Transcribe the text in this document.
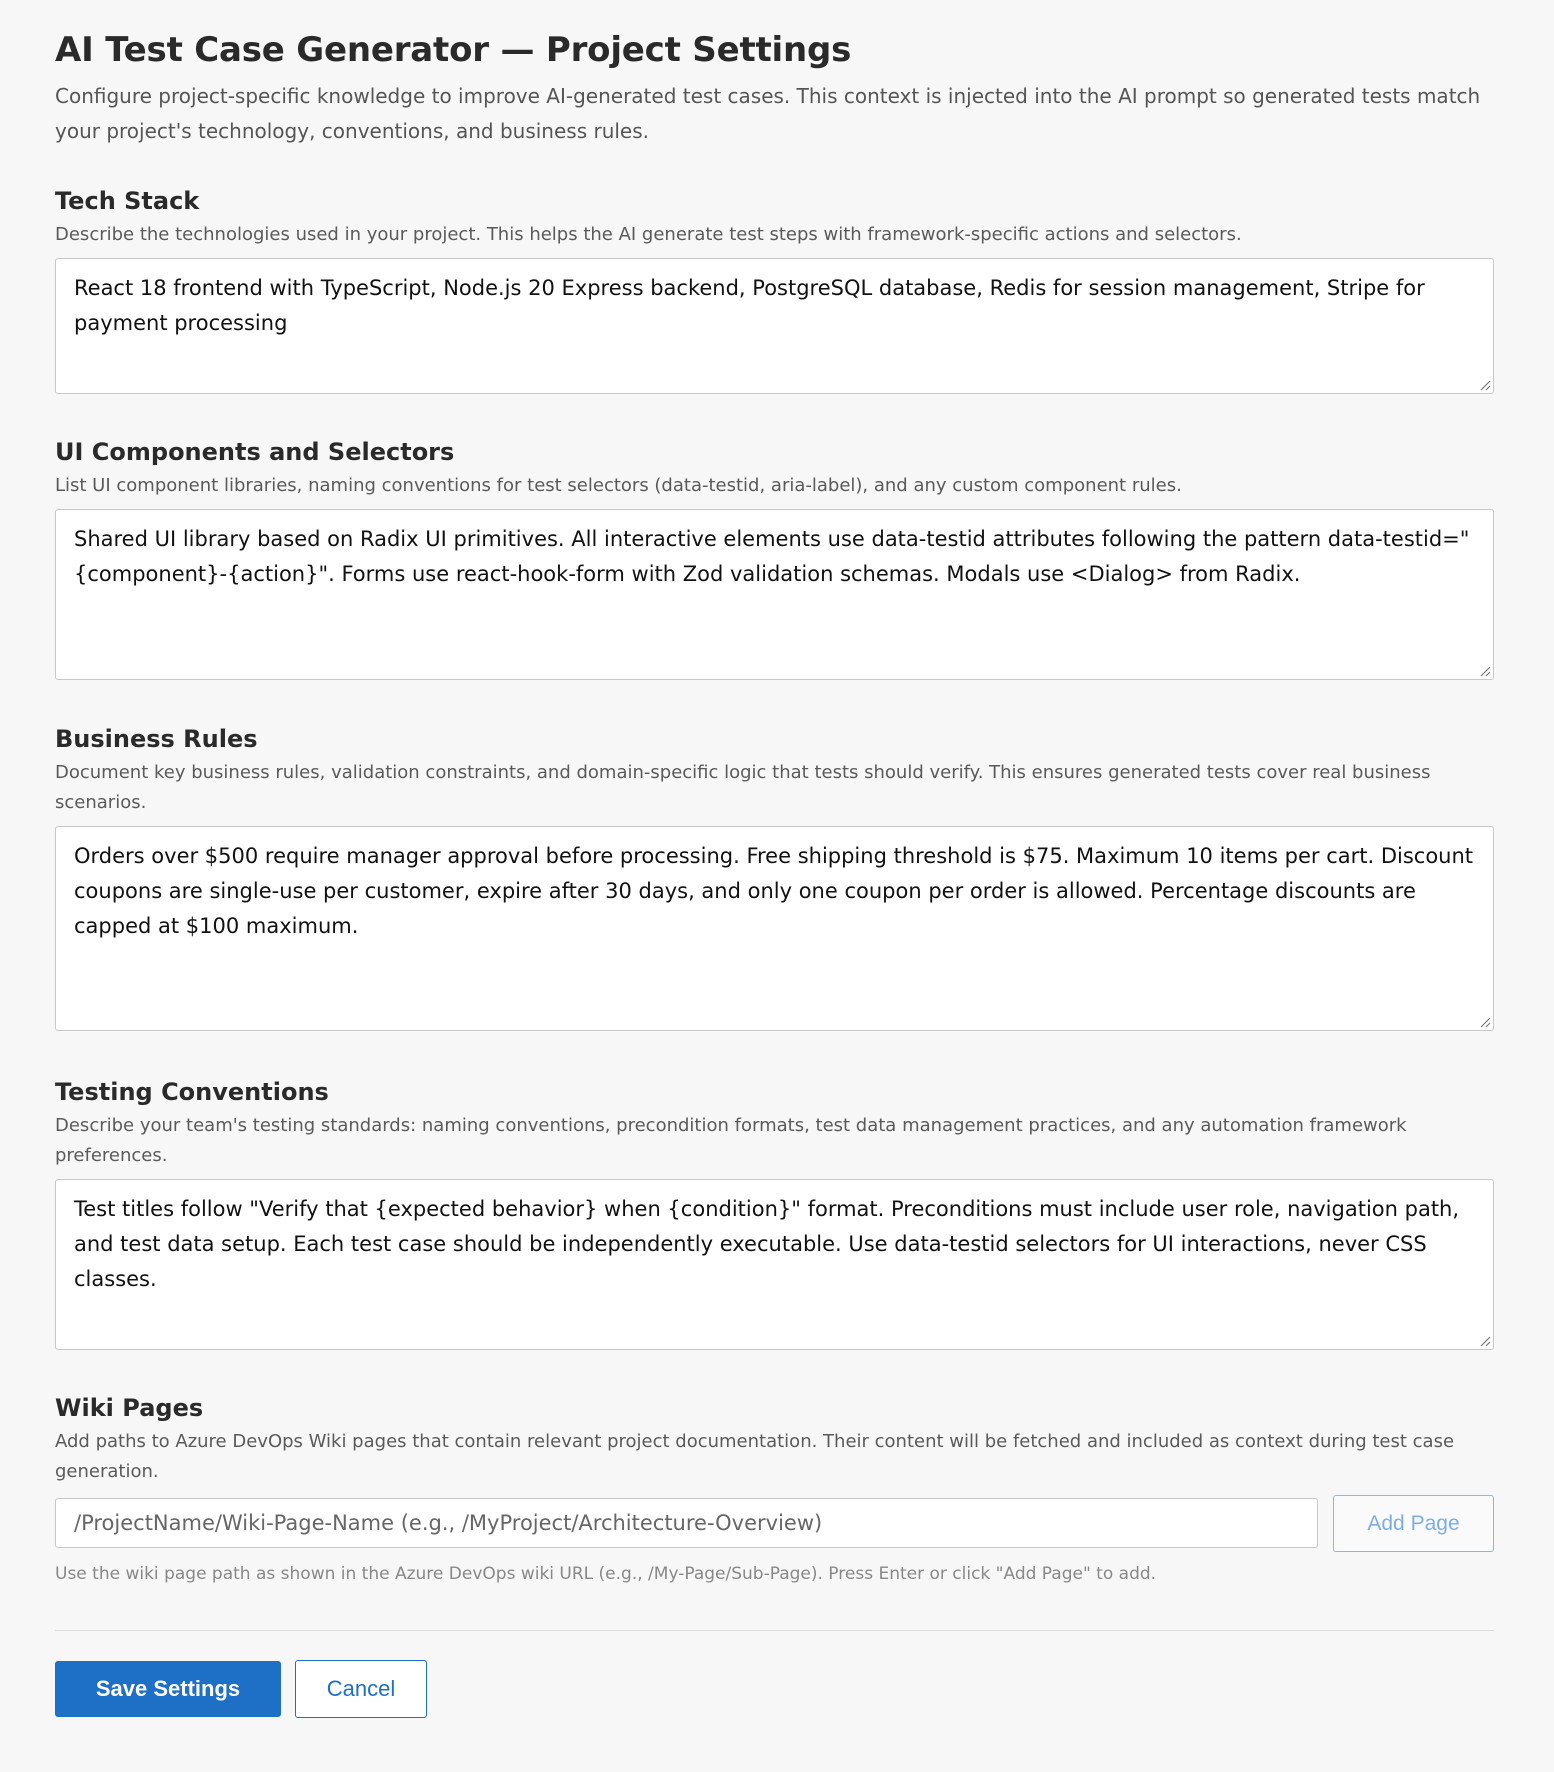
AI Test Case Generator — Project Settings

Configure project-specific knowledge to improve AI-generated test cases. This context is injected into the AI prompt so generated tests match your project's technology, conventions, and business rules.

Tech Stack

Describe the technologies used in your project. This helps the AI generate test steps with framework-specific actions and selectors.

React 18 frontend with TypeScript, Node.js 20 Express backend, PostgreSQL database, Redis for session management, Stripe for payment processing
UI Components and Selectors

List UI component libraries, naming conventions for test selectors (data-testid, aria-label), and any custom component rules.

Shared UI library based on Radix UI primitives. All interactive elements use data-testid attributes following the pattern data-testid="{component}-{action}". Forms use react-hook-form with Zod validation schemas. Modals use <Dialog> from Radix.
Business Rules

Document key business rules, validation constraints, and domain-specific logic that tests should verify. This ensures generated tests cover real business scenarios.

Orders over $500 require manager approval before processing. Free shipping threshold is $75. Maximum 10 items per cart. Discount coupons are single-use per customer, expire after 30 days, and only one coupon per order is allowed. Percentage discounts are capped at $100 maximum.
Testing Conventions

Describe your team's testing standards: naming conventions, precondition formats, test data management practices, and any automation framework preferences.

Test titles follow "Verify that {expected behavior} when {condition}" format. Preconditions must include user role, navigation path, and test data setup. Each test case should be independently executable. Use data-testid selectors for UI interactions, never CSS classes.
Wiki Pages

Add paths to Azure DevOps Wiki pages that contain relevant project documentation. Their content will be fetched and included as context during test case generation.

/ProjectName/Wiki-Page-Name (e.g., /MyProject/Architecture-Overview)	Add Page

Use the wiki page path as shown in the Azure DevOps wiki URL (e.g., /My-Page/Sub-Page). Press Enter or click "Add Page" to add.

Save Settings	Cancel
